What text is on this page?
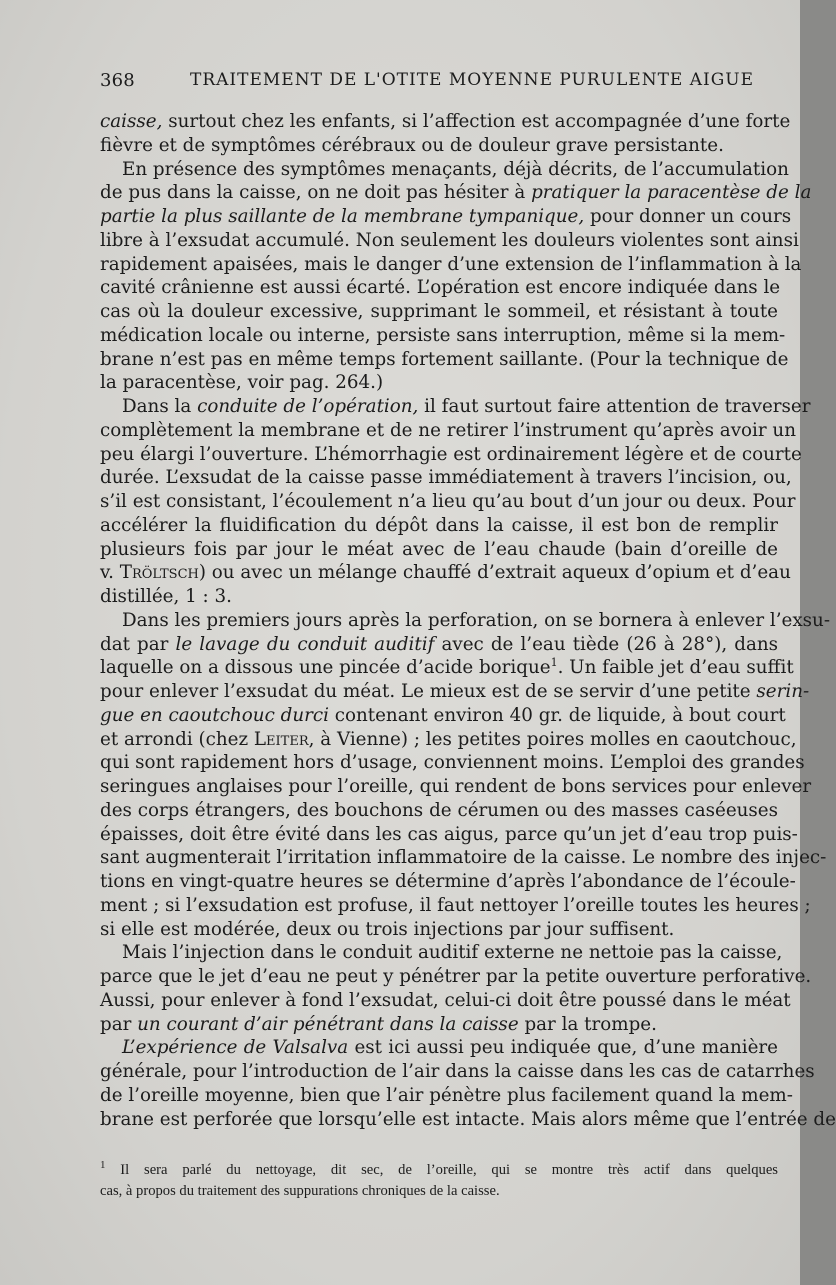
368	TRAITEMENT DE L'OTITE MOYENNE PURULENTE AIGUE
caisse, surtout chez les enfants, si l’affection est accompagnée d’une forte
fièvre et de symptômes cérébraux ou de douleur grave persistante.
En présence des symptômes menaçants, déjà décrits, de l’accumulation
de pus dans la caisse, on ne doit pas hésiter à pratiquer la paracentèse de la
partie la plus saillante de la membrane tympanique, pour donner un cours
libre à l’exsudat accumulé. Non seulement les douleurs violentes sont ainsi
rapidement apaisées, mais le danger d’une extension de l’inflammation à la
cavité crânienne est aussi écarté. L’opération est encore indiquée dans le
cas où la douleur excessive, supprimant le sommeil, et résistant à toute
médication locale ou interne, persiste sans interruption, même si la mem-
brane n’est pas en même temps fortement saillante. (Pour la technique de
la paracentèse, voir pag. 264.)
Dans la conduite de l’opération, il faut surtout faire attention de traverser
complètement la membrane et de ne retirer l’instrument qu’après avoir un
peu élargi l’ouverture. L’hémorrhagie est ordinairement légère et de courte
durée. L’exsudat de la caisse passe immédiatement à travers l’incision, ou,
s’il est consistant, l’écoulement n’a lieu qu’au bout d’un jour ou deux. Pour
accélérer la fluidification du dépôt dans la caisse, il est bon de remplir
plusieurs fois par jour le méat avec de l’eau chaude (bain d’oreille de
v. Tröltsch) ou avec un mélange chauffé d’extrait aqueux d’opium et d’eau
distillée, 1 : 3.
Dans les premiers jours après la perforation, on se bornera à enlever l’exsu-
dat par le lavage du conduit auditif avec de l’eau tiède (26 à 28°), dans
laquelle on a dissous une pincée d’acide borique$^1$. Un faible jet d’eau suffit
pour enlever l’exsudat du méat. Le mieux est de se servir d’une petite serin-
gue en caoutchouc durci contenant environ 40 gr. de liquide, à bout court
et arrondi (chez Leiter, à Vienne) ; les petites poires molles en caoutchouc,
qui sont rapidement hors d’usage, conviennent moins. L’emploi des grandes
seringues anglaises pour l’oreille, qui rendent de bons services pour enlever
des corps étrangers, des bouchons de cérumen ou des masses caséeuses
épaisses, doit être évité dans les cas aigus, parce qu’un jet d’eau trop puis-
sant augmenterait l’irritation inflammatoire de la caisse. Le nombre des injec-
tions en vingt-quatre heures se détermine d’après l’abondance de l’écoule-
ment ; si l’exsudation est profuse, il faut nettoyer l’oreille toutes les heures ;
si elle est modérée, deux ou trois injections par jour suffisent.
Mais l’injection dans le conduit auditif externe ne nettoie pas la caisse,
parce que le jet d’eau ne peut y pénétrer par la petite ouverture perforative.
Aussi, pour enlever à fond l’exsudat, celui-ci doit être poussé dans le méat
par un courant d’air pénétrant dans la caisse par la trompe.
L’expérience de Valsalva est ici aussi peu indiquée que, d’une manière
générale, pour l’introduction de l’air dans la caisse dans les cas de catarrhes
de l’oreille moyenne, bien que l’air pénètre plus facilement quand la mem-
brane est perforée que lorsqu’elle est intacte. Mais alors même que l’entrée de
$^1$ Il sera parlé du nettoyage, dit sec, de l’oreille, qui se montre très actif dans quelques
cas, à propos du traitement des suppurations chroniques de la caisse.
